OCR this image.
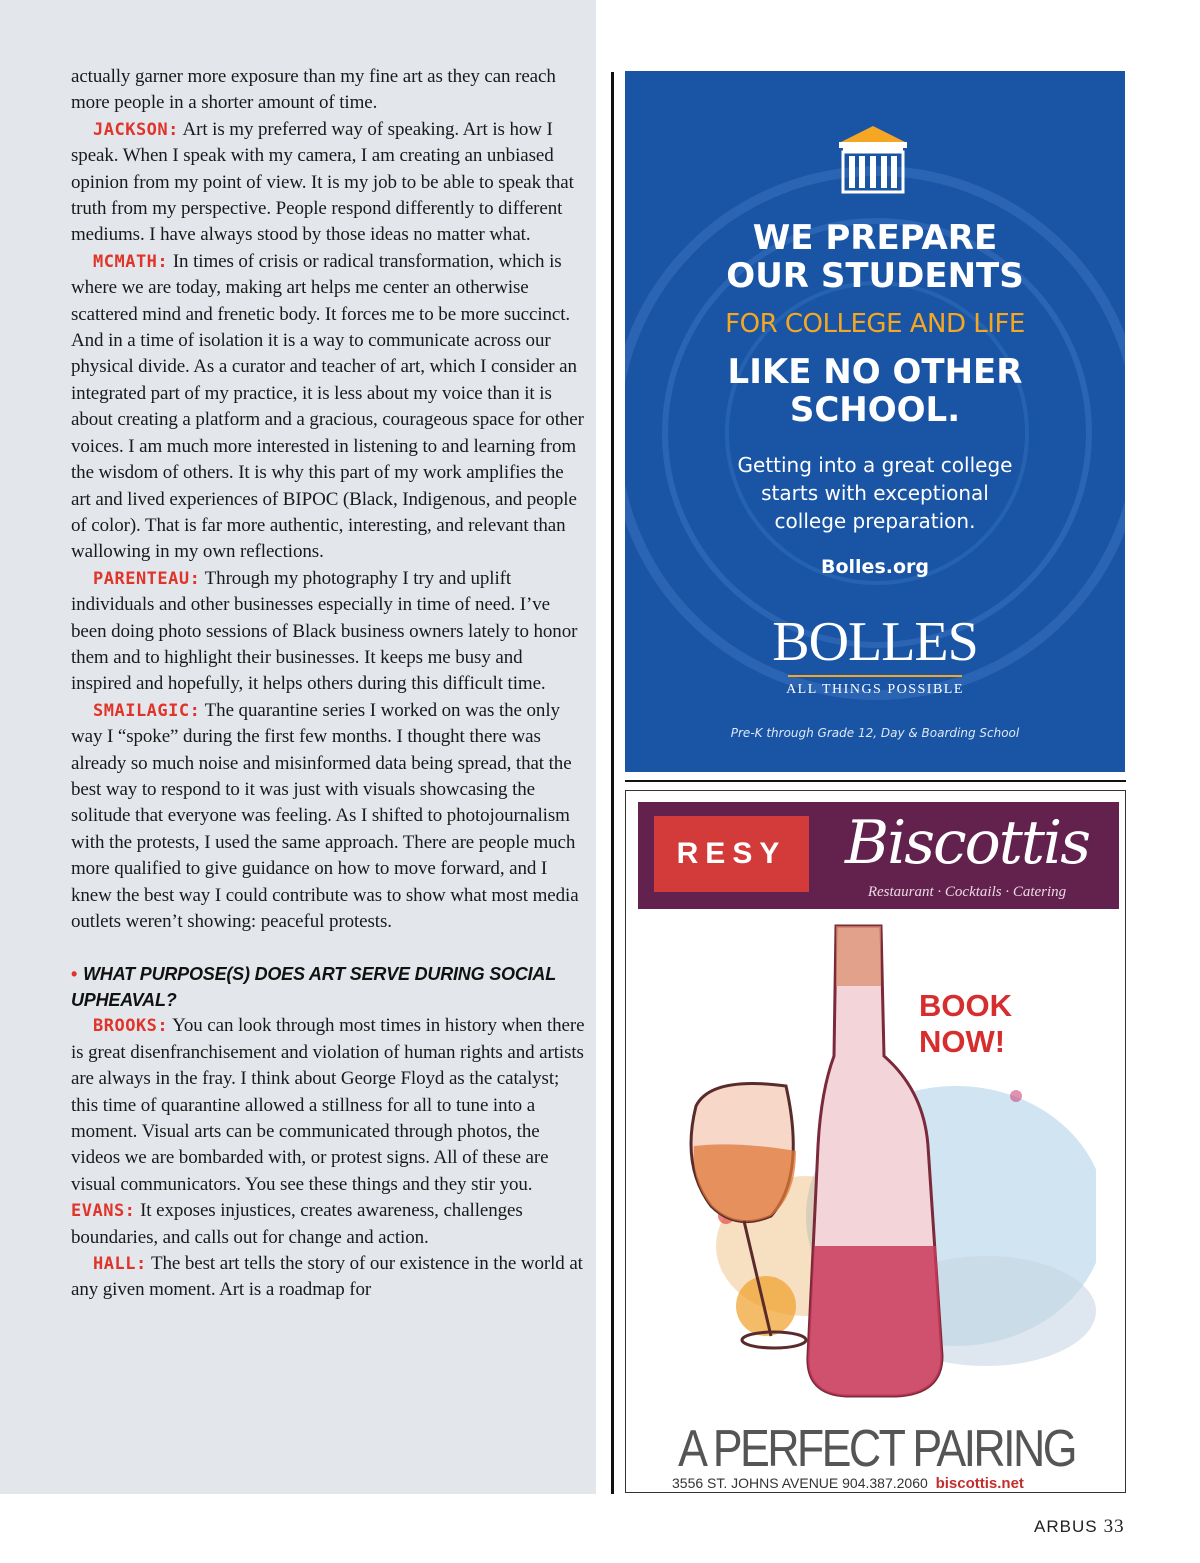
actually garner more exposure than my fine art as they can reach more people in a shorter amount of time.

JACKSON: Art is my preferred way of speaking. Art is how I speak. When I speak with my camera, I am creating an unbiased opinion from my point of view. It is my job to be able to speak that truth from my perspective. People respond differently to different mediums. I have always stood by those ideas no matter what.

MCMATH: In times of crisis or radical transformation, which is where we are today, making art helps me center an otherwise scattered mind and frenetic body. It forces me to be more succinct. And in a time of isolation it is a way to communicate across our physical divide. As a curator and teacher of art, which I consider an integrated part of my practice, it is less about my voice than it is about creating a platform and a gracious, courageous space for other voices. I am much more interested in listening to and learning from the wisdom of others. It is why this part of my work amplifies the art and lived experiences of BIPOC (Black, Indigenous, and people of color). That is far more authentic, interesting, and relevant than wallowing in my own reflections.

PARENTEAU: Through my photography I try and uplift individuals and other businesses especially in time of need. I’ve been doing photo sessions of Black business owners lately to honor them and to highlight their businesses. It keeps me busy and inspired and hopefully, it helps others during this difficult time.

SMAILAGIC: The quarantine series I worked on was the only way I “spoke” during the first few months. I thought there was already so much noise and misinformed data being spread, that the best way to respond to it was just with visuals showcasing the solitude that everyone was feeling. As I shifted to photojournalism with the protests, I used the same approach. There are people much more qualified to give guidance on how to move forward, and I knew the best way I could contribute was to show what most media outlets weren’t showing: peaceful protests.

• WHAT PURPOSE(S) DOES ART SERVE DURING SOCIAL UPHEAVAL?

BROOKS: You can look through most times in history when there is great disenfranchisement and violation of human rights and artists are always in the fray. I think about George Floyd as the catalyst; this time of quarantine allowed a stillness for all to tune into a moment. Visual arts can be communicated through photos, the videos we are bombarded with, or protest signs. All of these are visual communicators. You see these things and they stir you.

EVANS: It exposes injustices, creates awareness, challenges boundaries, and calls out for change and action.

HALL: The best art tells the story of our existence in the world at any given moment. Art is a roadmap for

WE PREPARE
OUR STUDENTS
FOR COLLEGE AND LIFE
LIKE NO OTHER
SCHOOL.
Getting into a great college
starts with exceptional
college preparation.
Bolles.org
BOLLES
ALL THINGS POSSIBLE
Pre-K through Grade 12, Day & Boarding School
RESY Biscottis
Restaurant · Cocktails · Catering
BOOK NOW!
A PERFECT PAIRING
3556 ST. JOHNS AVENUE 904.387.2060 biscottis.net
ARBUS 33
